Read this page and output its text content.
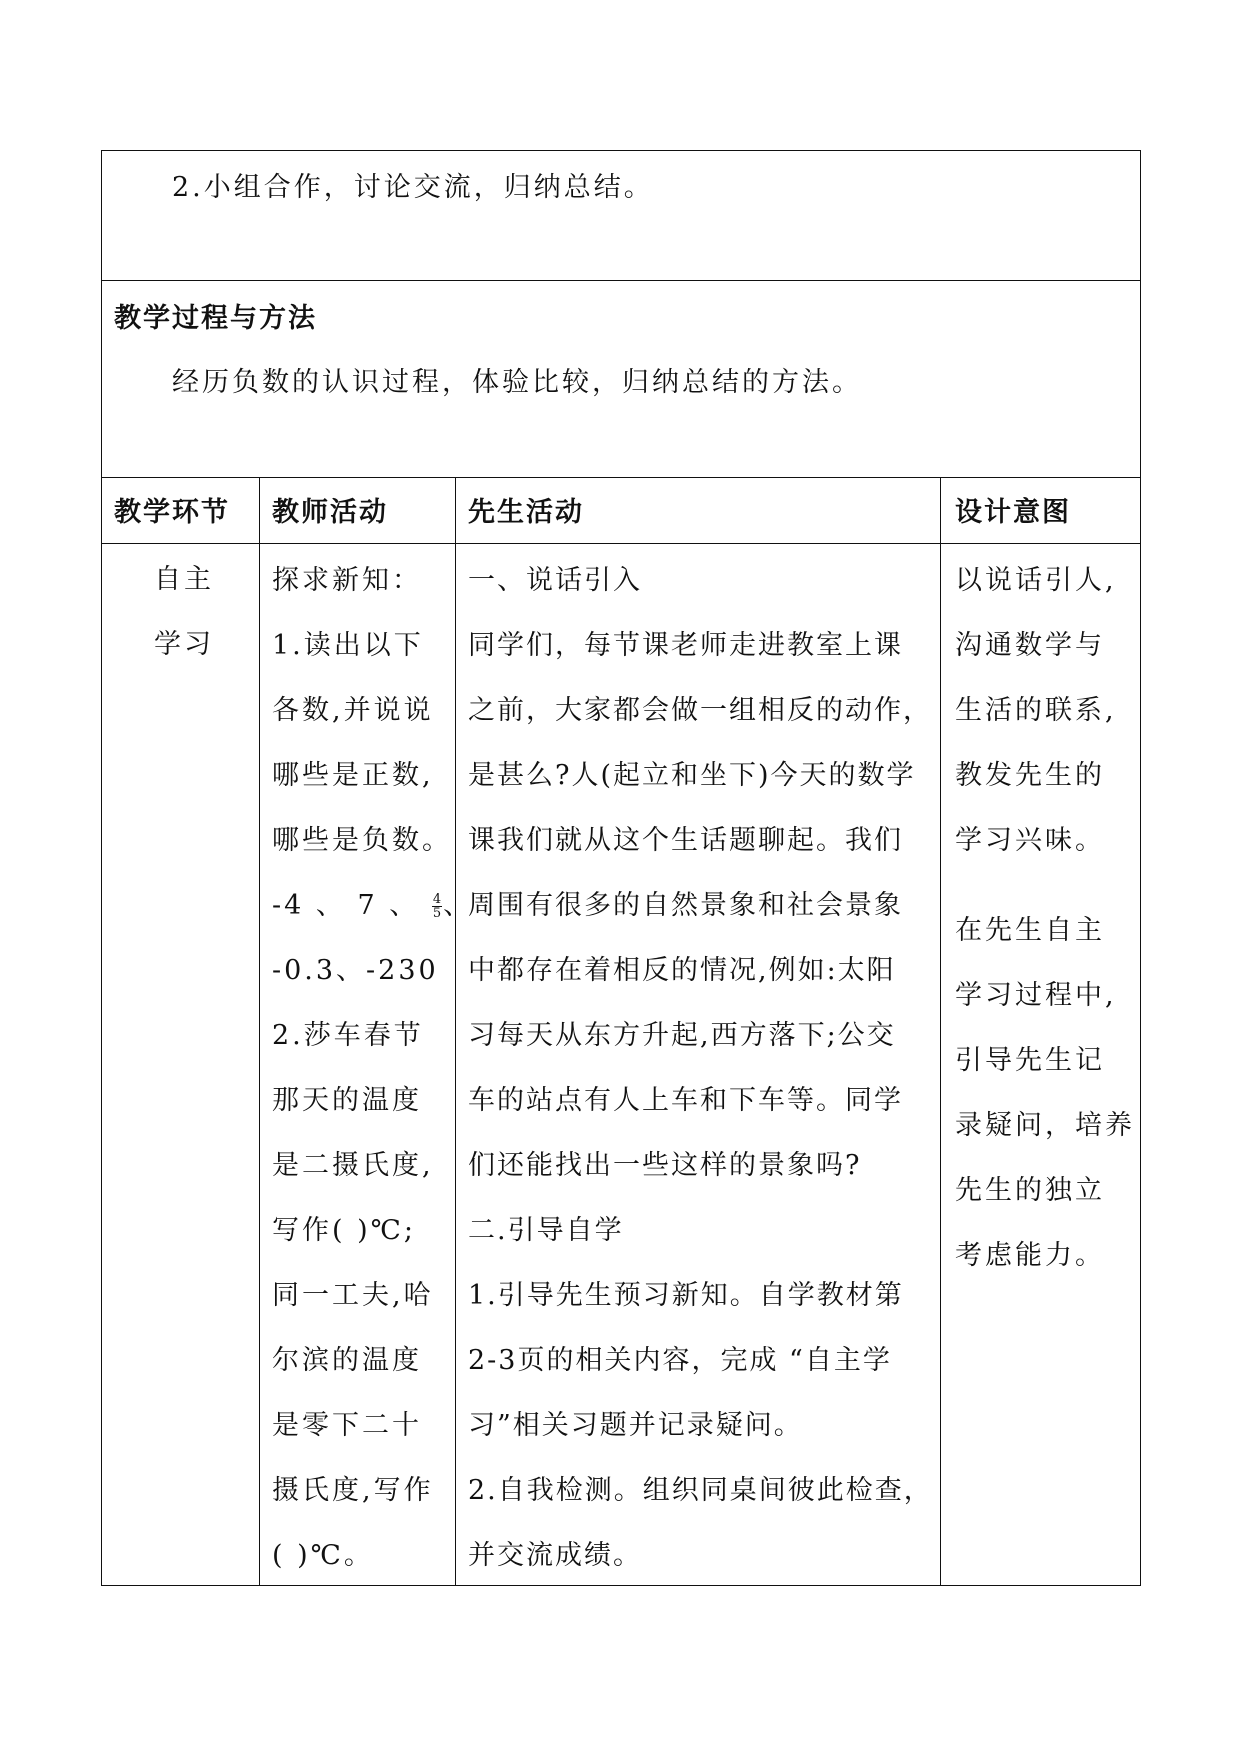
2.小组合作，讨论交流，归纳总结。
教学过程与方法
经历负数的认识过程，体验比较，归纳总结的方法。
教学环节 教师活动	先生活动	设计意图
自主
学习
探求新知：
1.读出以下
各数,并说说
哪些是正数,
哪些是负数。
-4 、 7 、 $\frac{4}{5}$ 、
-0.3、-230
2.莎车春节
那天的温度
是二摄氏度,
写作( )℃;
同一工夫,哈
尔滨的温度
是零下二十
摄氏度,写作
( )℃。
一、说话引入
同学们，每节课老师走进教室上课
之前，大家都会做一组相反的动作，
是甚么?人(起立和坐下)今天的数学
课我们就从这个生话题聊起。我们
周围有很多的自然景象和社会景象
中都存在着相反的情况,例如:太阳
习每天从东方升起,西方落下;公交
车的站点有人上车和下车等。同学
们还能找出一些这样的景象吗?
二.引导自学
1.引导先生预习新知。自学教材第
2-3页的相关内容，完成 “自主学
习”相关习题并记录疑问。
2.自我检测。组织同桌间彼此检查，
并交流成绩。
以说话引人,
沟通数学与
生活的联系,
教发先生的
学习兴味。
在先生自主
学习过程中,
引导先生记
录疑问，培养
先生的独立
考虑能力。
